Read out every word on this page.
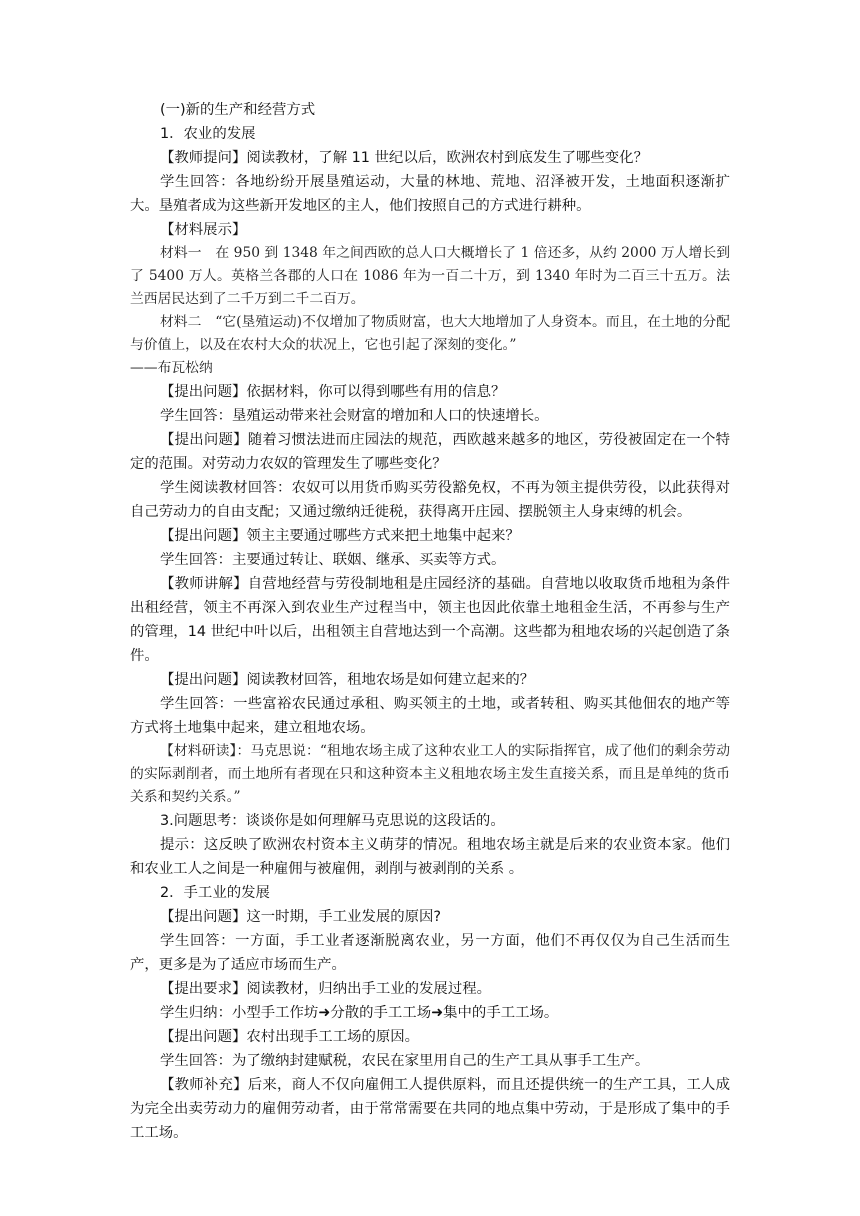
(一)新的生产和经营方式

1．农业的发展

【教师提问】阅读教材，了解 11 世纪以后，欧洲农村到底发生了哪些变化？

学生回答：各地纷纷开展垦殖运动，大量的林地、荒地、沼泽被开发，土地面积逐渐扩大。垦殖者成为这些新开发地区的主人，他们按照自己的方式进行耕种。

【材料展示】

材料一　在 950 到 1348 年之间西欧的总人口大概增长了 1 倍还多，从约 2000 万人增长到了 5400 万人。英格兰各郡的人口在 1086 年为一百二十万，到 1340 年时为二百三十五万。法兰西居民达到了二千万到二千二百万。

材料二　“它(垦殖运动)不仅增加了物质财富，也大大地增加了人身资本。而且，在土地的分配与价值上，以及在农村大众的状况上，它也引起了深刻的变化。”

——布瓦松纳

【提出问题】依据材料，你可以得到哪些有用的信息？

学生回答：垦殖运动带来社会财富的增加和人口的快速增长。

【提出问题】随着习惯法进而庄园法的规范，西欧越来越多的地区，劳役被固定在一个特定的范围。对劳动力农奴的管理发生了哪些变化？

学生阅读教材回答：农奴可以用货币购买劳役豁免权，不再为领主提供劳役，以此获得对自己劳动力的自由支配；又通过缴纳迁徙税，获得离开庄园、摆脱领主人身束缚的机会。

【提出问题】领主主要通过哪些方式来把土地集中起来？

学生回答：主要通过转让、联姻、继承、买卖等方式。

【教师讲解】自营地经营与劳役制地租是庄园经济的基础。自营地以收取货币地租为条件出租经营，领主不再深入到农业生产过程当中，领主也因此依靠土地租金生活，不再参与生产的管理，14 世纪中叶以后，出租领主自营地达到一个高潮。这些都为租地农场的兴起创造了条件。

【提出问题】阅读教材回答，租地农场是如何建立起来的？

学生回答：一些富裕农民通过承租、购买领主的土地，或者转租、购买其他佃农的地产等方式将土地集中起来，建立租地农场。

【材料研读】：马克思说：“租地农场主成了这种农业工人的实际指挥官，成了他们的剩余劳动的实际剥削者，而土地所有者现在只和这种资本主义租地农场主发生直接关系，而且是单纯的货币关系和契约关系。”

3.问题思考：谈谈你是如何理解马克思说的这段话的。

提示：这反映了欧洲农村资本主义萌芽的情况。租地农场主就是后来的农业资本家。他们和农业工人之间是一种雇佣与被雇佣，剥削与被剥削的关系 。

2．手工业的发展

【提出问题】这一时期，手工业发展的原因?

学生回答：一方面，手工业者逐渐脱离农业，另一方面，他们不再仅仅为自己生活而生产，更多是为了适应市场而生产。

【提出要求】阅读教材，归纳出手工业的发展过程。

学生归纳：小型手工作坊➜分散的手工工场➜集中的手工工场。

【提出问题】农村出现手工工场的原因。

学生回答：为了缴纳封建赋税，农民在家里用自己的生产工具从事手工生产。

【教师补充】后来，商人不仅向雇佣工人提供原料，而且还提供统一的生产工具，工人成为完全出卖劳动力的雇佣劳动者，由于常常需要在共同的地点集中劳动，于是形成了集中的手工工场。
